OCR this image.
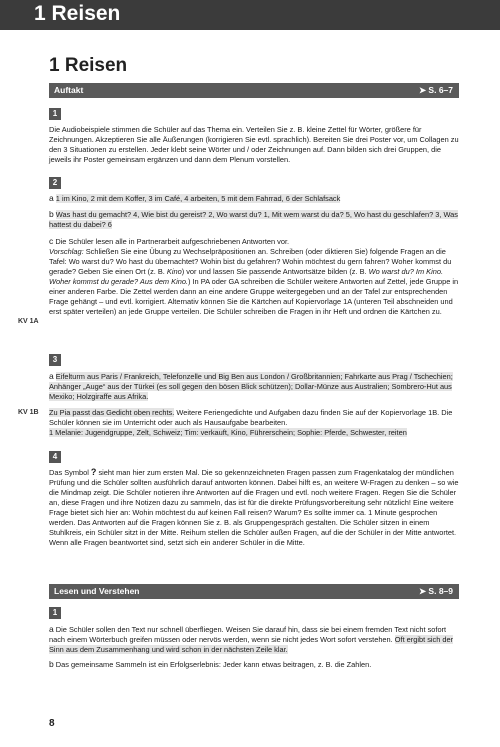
1 Reisen
1 Reisen
Auftakt	➤ S. 6–7
1
Die Audiobeispiele stimmen die Schüler auf das Thema ein. Verteilen Sie z. B. kleine Zettel für Wörter, größere für Zeichnungen. Akzeptieren Sie alle Äußerungen (korrigieren Sie evtl. sprachlich). Bereiten Sie drei Poster vor, um Collagen zu den 3 Situationen zu erstellen. Jeder klebt seine Wörter und / oder Zeichnungen auf. Dann bilden sich drei Gruppen, die jeweils ihr Poster gemeinsam ergänzen und dann dem Plenum vorstellen.
2
a 1 im Kino, 2 mit dem Koffer, 3 im Café, 4 arbeiten, 5 mit dem Fahrrad, 6 der Schlafsack
b Was hast du gemacht? 4, Wie bist du gereist? 2, Wo warst du? 1, Mit wem warst du da? 5, Wo hast du geschlafen? 3, Was hattest du dabei? 6
c Die Schüler lesen alle in Partnerarbeit aufgeschriebenen Antworten vor.
Vorschlag: Schließen Sie eine Übung zu Wechselpräpositionen an. Schreiben (oder diktieren Sie) folgende Fragen an die Tafel: Wo warst du? Wo hast du übernachtet? Wohin bist du gefahren? Wohin möchtest du gern fahren? Woher kommst du gerade? Geben Sie einen Ort (z. B. Kino) vor und lassen Sie passende Antwortsätze bilden (z. B. Wo warst du? Im Kino. Woher kommst du gerade? Aus dem Kino.) In PA oder GA schreiben die Schüler weitere Antworten auf Zettel, jede Gruppe in einer anderen Farbe. Die Zettel werden dann an eine andere Gruppe weitergegeben und an der Tafel zur entsprechenden Frage gehängt – und evtl. korrigiert. Alternativ können Sie die Kärtchen auf Kopiervorlage 1A (unteren Teil abschneiden und erst später verteilen) an jede Gruppe verteilen. Die Schüler schreiben die Fragen in ihr Heft und ordnen die Kärtchen zu.
KV 1A
3
a Eifelturm aus Paris / Frankreich, Telefonzelle und Big Ben aus London / Großbritannien; Fahrkarte aus Prag / Tschechien; Anhänger „Auge“ aus der Türkei (es soll gegen den bösen Blick schützen); Dollar-Münze aus Australien; Sombrero-Hut aus Mexiko; Holzgiraffe aus Afrika.
Zu Pia passt das Gedicht oben rechts. Weitere Feriengedichte und Aufgaben dazu finden Sie auf der Kopiervorlage 1B. Die Schüler können sie im Unterricht oder auch als Hausaufgabe bearbeiten.
1 Melanie: Jugendgruppe, Zelt, Schweiz; Tim: verkauft, Kino, Führerschein; Sophie: Pferde, Schwester, reiten
KV 1B
4
Das Symbol ? sieht man hier zum ersten Mal. Die so gekennzeichneten Fragen passen zum Fragenkatalog der mündlichen Prüfung und die Schüler sollten ausführlich darauf antworten können. Dabei hilft es, an weitere W-Fragen zu denken – so wie die Mindmap zeigt. Die Schüler notieren ihre Antworten auf die Fragen und evtl. noch weitere Fragen. Regen Sie die Schüler an, diese Fragen und ihre Notizen dazu zu sammeln, das ist für die direkte Prüfungsvorbereitung sehr nützlich! Eine weitere Frage bietet sich hier an: Wohin möchtest du auf keinen Fall reisen? Warum? Es sollte immer ca. 1 Minute gesprochen werden. Das Antworten auf die Fragen können Sie z. B. als Gruppengespräch gestalten. Die Schüler sitzen in einem Stuhlkreis, ein Schüler sitzt in der Mitte. Reihum stellen die Schüler außen Fragen, auf die der Schüler in der Mitte antwortet. Wenn alle Fragen beantwortet sind, setzt sich ein anderer Schüler in die Mitte.
Lesen und Verstehen	➤ S. 8–9
1
a Die Schüler sollen den Text nur schnell überfliegen. Weisen Sie darauf hin, dass sie bei einem fremden Text nicht sofort nach einem Wörterbuch greifen müssen oder nervös werden, wenn sie nicht jedes Wort sofort verstehen. Oft ergibt sich der Sinn aus dem Zusammenhang und wird schon in der nächsten Zeile klar.
b Das gemeinsame Sammeln ist ein Erfolgserlebnis: Jeder kann etwas beitragen, z. B. die Zahlen.
8
